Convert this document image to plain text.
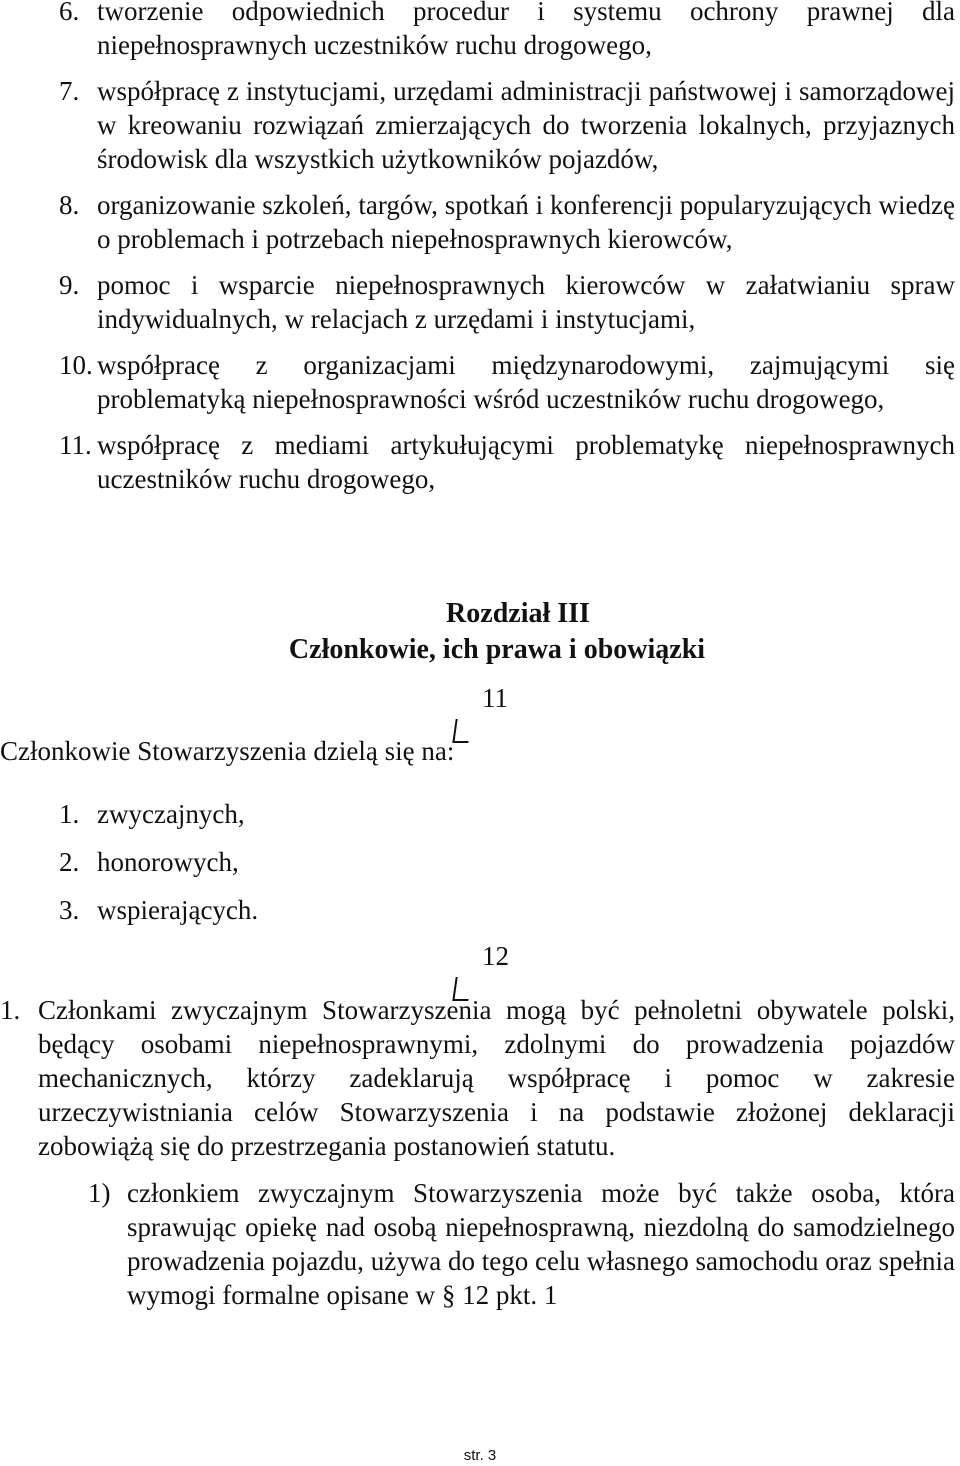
6. tworzenie odpowiednich procedur i systemu ochrony prawnej dla niepełnosprawnych uczestników ruchu drogowego,
7. współpracę z instytucjami, urzędami administracji państwowej i samorządowej w kreowaniu rozwiązań zmierzających do tworzenia lokalnych, przyjaznych środowisk dla wszystkich użytkowników pojazdów,
8. organizowanie szkoleń, targów, spotkań i konferencji popularyzujących wiedzę o problemach i potrzebach niepełnosprawnych kierowców,
9. pomoc i wsparcie niepełnosprawnych kierowców w załatwianiu spraw indywidualnych, w relacjach z urzędami i instytucjami,
10. współpracę z organizacjami międzynarodowymi, zajmującymi się problematyką niepełnosprawności wśród uczestników ruchu drogowego,
11. współpracę z mediami artykułującymi problematykę niepełnosprawnych uczestników ruchu drogowego,
Rozdział III
Członkowie, ich prawa i obowiązki
11
Członkowie Stowarzyszenia dzielą się na:
1. zwyczajnych,
2. honorowych,
3. wspierających.
12
1. Członkami zwyczajnym Stowarzyszenia mogą być pełnoletni obywatele polski, będący osobami niepełnosprawnymi, zdolnymi do prowadzenia pojazdów mechanicznych, którzy zadeklarują współpracę i pomoc w zakresie urzeczywistniania celów Stowarzyszenia i na podstawie złożonej deklaracji zobowiążą się do przestrzegania postanowień statutu.
1) członkiem zwyczajnym Stowarzyszenia może być także osoba, która sprawując opiekę nad osobą niepełnosprawną, niezdolną do samodzielnego prowadzenia pojazdu, używa do tego celu własnego samochodu oraz spełnia wymogi formalne opisane w § 12 pkt. 1
str. 3
